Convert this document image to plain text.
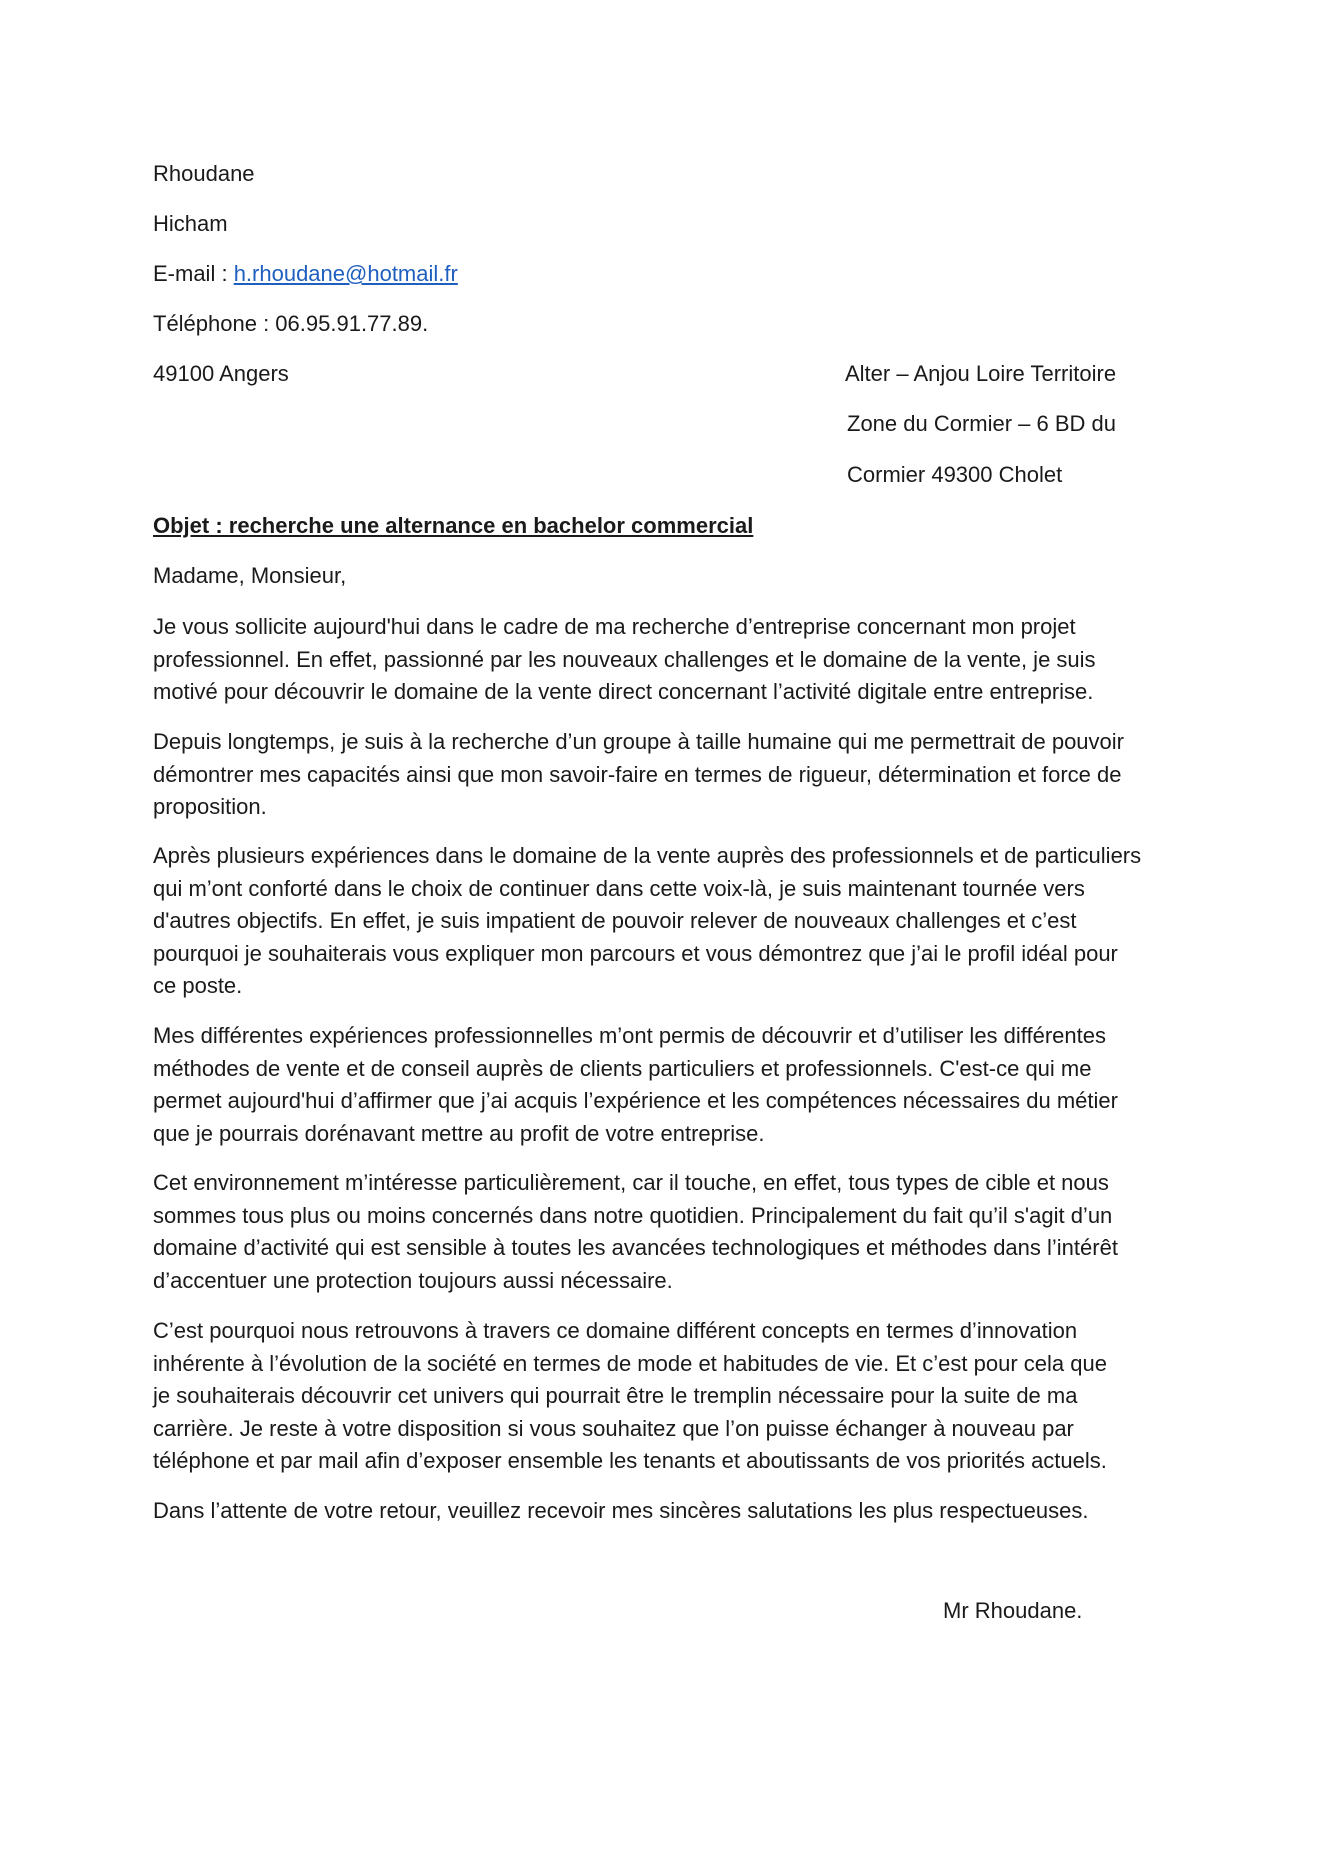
Rhoudane
Hicham
E-mail : h.rhoudane@hotmail.fr
Téléphone : 06.95.91.77.89.
49100 Angers	Alter – Anjou Loire Territoire
Zone du Cormier – 6 BD du
Cormier 49300 Cholet
Objet : recherche une alternance en bachelor commercial
Madame, Monsieur,
Je vous sollicite aujourd'hui dans le cadre de ma recherche d’entreprise concernant mon projet
professionnel. En effet, passionné par les nouveaux challenges et le domaine de la vente, je suis
motivé pour découvrir le domaine de la vente direct concernant l’activité digitale entre entreprise.
Depuis longtemps, je suis à la recherche d’un groupe à taille humaine qui me permettrait de pouvoir
démontrer mes capacités ainsi que mon savoir-faire en termes de rigueur, détermination et force de
proposition.
Après plusieurs expériences dans le domaine de la vente auprès des professionnels et de particuliers
qui m’ont conforté dans le choix de continuer dans cette voix-là, je suis maintenant tournée vers
d'autres objectifs. En effet, je suis impatient de pouvoir relever de nouveaux challenges et c’est
pourquoi je souhaiterais vous expliquer mon parcours et vous démontrez que j’ai le profil idéal pour
ce poste.
Mes différentes expériences professionnelles m’ont permis de découvrir et d’utiliser les différentes
méthodes de vente et de conseil auprès de clients particuliers et professionnels. C'est-ce qui me
permet aujourd'hui d’affirmer que j’ai acquis l’expérience et les compétences nécessaires du métier
que je pourrais dorénavant mettre au profit de votre entreprise.
Cet environnement m’intéresse particulièrement, car il touche, en effet, tous types de cible et nous
sommes tous plus ou moins concernés dans notre quotidien. Principalement du fait qu’il s'agit d’un
domaine d’activité qui est sensible à toutes les avancées technologiques et méthodes dans l’intérêt
d’accentuer une protection toujours aussi nécessaire.
C’est pourquoi nous retrouvons à travers ce domaine différent concepts en termes d’innovation
inhérente à l’évolution de la société en termes de mode et habitudes de vie. Et c’est pour cela que
je souhaiterais découvrir cet univers qui pourrait être le tremplin nécessaire pour la suite de ma
carrière. Je reste à votre disposition si vous souhaitez que l’on puisse échanger à nouveau par
téléphone et par mail afin d’exposer ensemble les tenants et aboutissants de vos priorités actuels.
Dans l’attente de votre retour, veuillez recevoir mes sincères salutations les plus respectueuses.
Mr Rhoudane.
